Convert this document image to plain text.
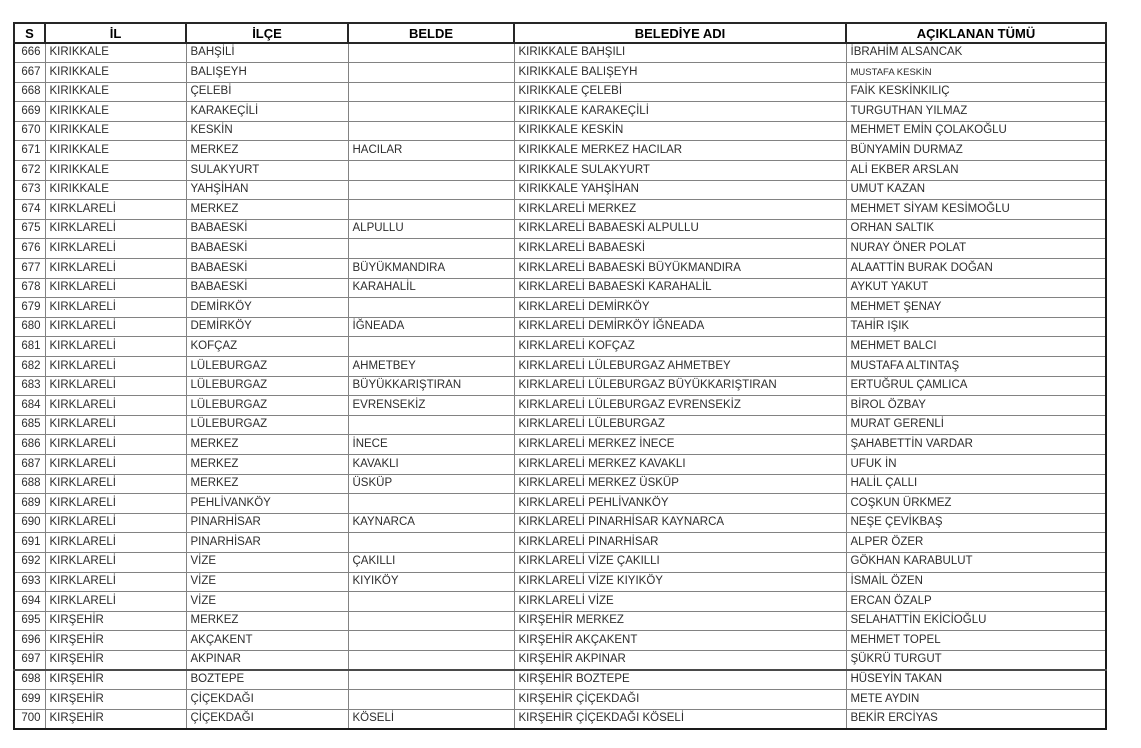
S	İL	İLÇE	BELDE	BELEDİYE ADI	AÇIKLANAN TÜMÜ
666	KIRIKKALE	BAHŞİLİ		KIRIKKALE BAHŞILI	İBRAHİM ALSANCAK
667	KIRIKKALE	BALIŞEYH		KIRIKKALE BALIŞEYH	MUSTAFA KESKİN
668	KIRIKKALE	ÇELEBİ		KIRIKKALE ÇELEBİ	FAİK KESKİNKILIÇ
669	KIRIKKALE	KARAKEÇİLİ		KIRIKKALE KARAKEÇİLİ	TURGUTHAN YILMAZ
670	KIRIKKALE	KESKİN		KIRIKKALE KESKİN	MEHMET EMİN ÇOLAKOĞLU
671	KIRIKKALE	MERKEZ	HACILAR	KIRIKKALE MERKEZ HACILAR	BÜNYAMİN DURMAZ
672	KIRIKKALE	SULAKYURT		KIRIKKALE SULAKYURT	ALİ EKBER ARSLAN
673	KIRIKKALE	YAHŞİHAN		KIRIKKALE YAHŞİHAN	UMUT KAZAN
674	KIRKLARELİ	MERKEZ		KIRKLARELİ MERKEZ	MEHMET SİYAM KESİMOĞLU
675	KIRKLARELİ	BABAESKİ	ALPULLU	KIRKLARELİ BABAESKİ ALPULLU	ORHAN SALTIK
676	KIRKLARELİ	BABAESKİ		KIRKLARELİ BABAESKİ	NURAY ÖNER POLAT
677	KIRKLARELİ	BABAESKİ	BÜYÜKMANDIRA	KIRKLARELİ BABAESKİ BÜYÜKMANDIRA	ALAATTİN BURAK DOĞAN
678	KIRKLARELİ	BABAESKİ	KARAHALİL	KIRKLARELİ BABAESKİ KARAHALİL	AYKUT YAKUT
679	KIRKLARELİ	DEMİRKÖY		KIRKLARELİ DEMİRKÖY	MEHMET ŞENAY
680	KIRKLARELİ	DEMİRKÖY	İĞNEADA	KIRKLARELİ DEMİRKÖY İĞNEADA	TAHİR IŞIK
681	KIRKLARELİ	KOFÇAZ		KIRKLARELİ KOFÇAZ	MEHMET BALCI
682	KIRKLARELİ	LÜLEBURGAZ	AHMETBEY	KIRKLARELİ LÜLEBURGAZ AHMETBEY	MUSTAFA ALTINTAŞ
683	KIRKLARELİ	LÜLEBURGAZ	BÜYÜKKARIŞTIRAN	KIRKLARELİ LÜLEBURGAZ BÜYÜKKARIŞTIRAN	ERTUĞRUL ÇAMLICA
684	KIRKLARELİ	LÜLEBURGAZ	EVRENSEKİZ	KIRKLARELİ LÜLEBURGAZ EVRENSEKİZ	BİROL ÖZBAY
685	KIRKLARELİ	LÜLEBURGAZ		KIRKLARELİ LÜLEBURGAZ	MURAT GERENLİ
686	KIRKLARELİ	MERKEZ	İNECE	KIRKLARELİ MERKEZ İNECE	ŞAHABETTİN VARDAR
687	KIRKLARELİ	MERKEZ	KAVAKLI	KIRKLARELİ MERKEZ KAVAKLI	UFUK İN
688	KIRKLARELİ	MERKEZ	ÜSKÜP	KIRKLARELİ MERKEZ ÜSKÜP	HALİL ÇALLI
689	KIRKLARELİ	PEHLİVANKÖY		KIRKLARELİ PEHLİVANKÖY	COŞKUN ÜRKMEZ
690	KIRKLARELİ	PINARHİSAR	KAYNARCA	KIRKLARELİ PINARHİSAR KAYNARCA	NEŞE ÇEVİKBAŞ
691	KIRKLARELİ	PINARHİSAR		KIRKLARELİ PINARHİSAR	ALPER ÖZER
692	KIRKLARELİ	VİZE	ÇAKILLI	KIRKLARELİ VİZE ÇAKILLI	GÖKHAN KARABULUT
693	KIRKLARELİ	VİZE	KIYIKÖY	KIRKLARELİ VİZE KIYIKÖY	İSMAİL ÖZEN
694	KIRKLARELİ	VİZE		KIRKLARELİ VİZE	ERCAN ÖZALP
695	KIRŞEHİR	MERKEZ		KIRŞEHİR MERKEZ	SELAHATTİN EKİCİOĞLU
696	KIRŞEHİR	AKÇAKENT		KIRŞEHİR AKÇAKENT	MEHMET TOPEL
697	KIRŞEHİR	AKPINAR		KIRŞEHİR AKPINAR	ŞÜKRÜ TURGUT
698	KIRŞEHİR	BOZTEPE		KIRŞEHİR BOZTEPE	HÜSEYİN TAKAN
699	KIRŞEHİR	ÇİÇEKDAĞI		KIRŞEHİR ÇİÇEKDAĞI	METE AYDIN
700	KIRŞEHİR	ÇİÇEKDAĞI	KÖSELİ	KIRŞEHİR ÇİÇEKDAĞI KÖSELİ	BEKİR ERCİYAS
